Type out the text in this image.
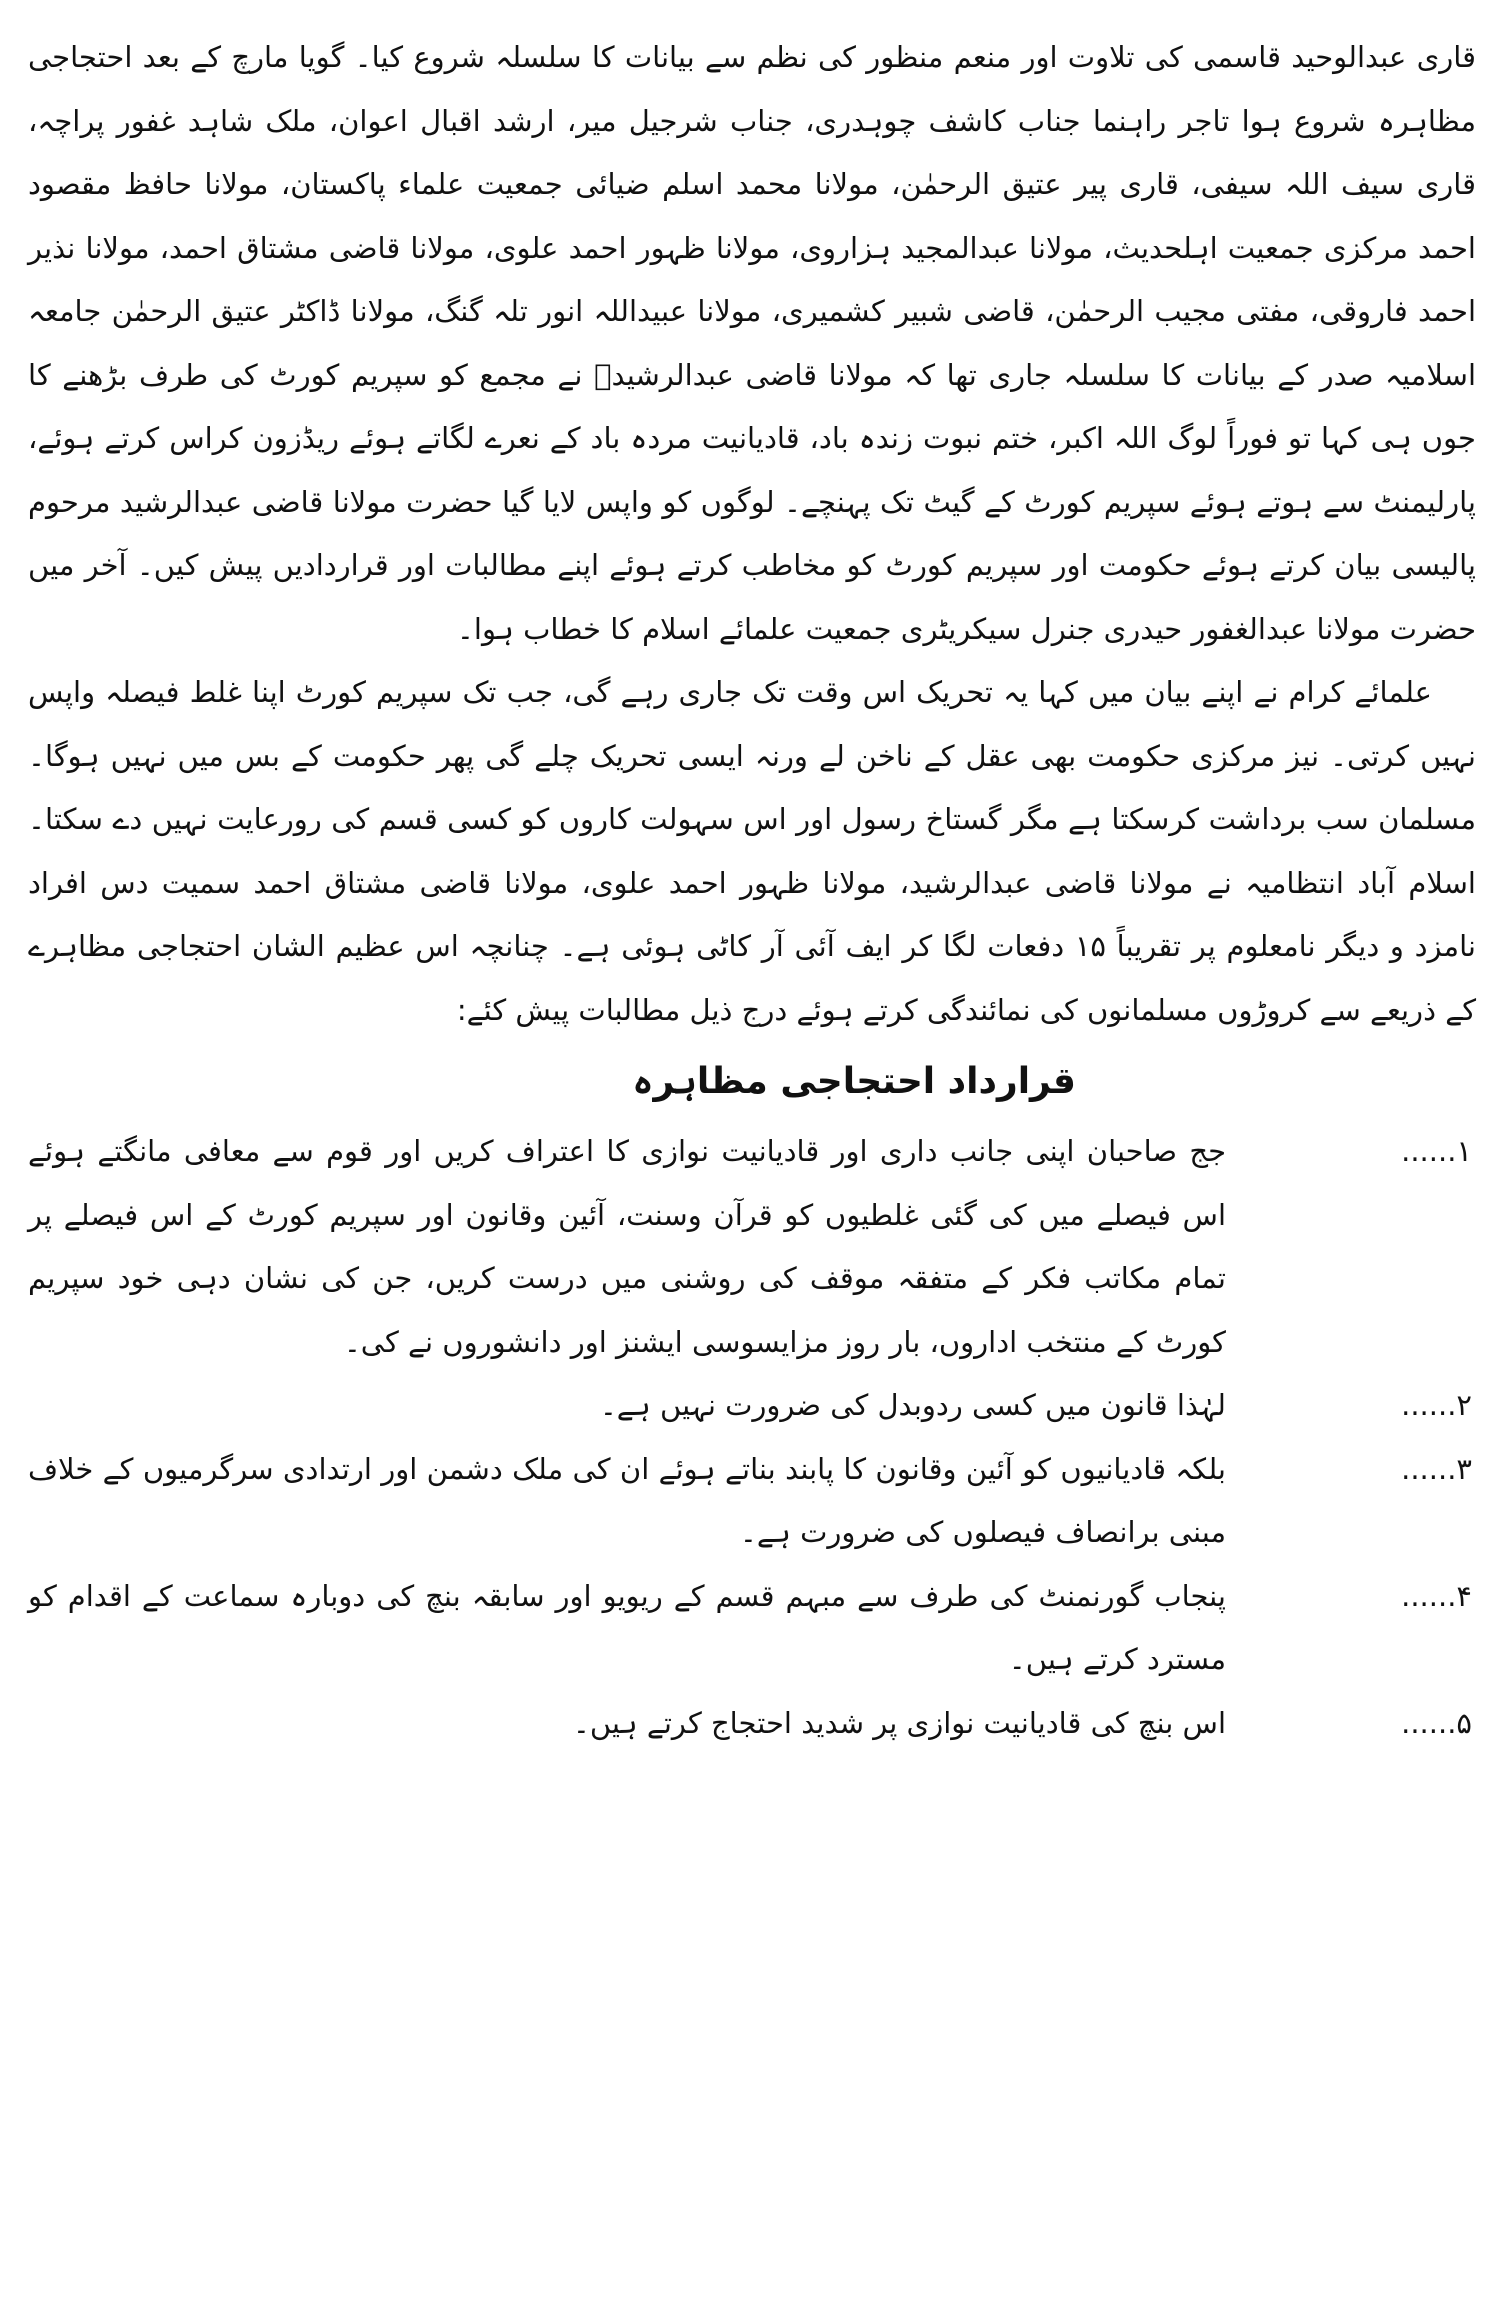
قاری عبدالوحید قاسمی کی تلاوت اور منعم منظور کی نظم سے بیانات کا سلسلہ شروع کیا۔ گویا مارچ کے بعد احتجاجی مظاہرہ شروع ہوا تاجر راہنما جناب کاشف چوہدری، جناب شرجیل میر، ارشد اقبال اعوان، ملک شاہد غفور پراچہ، قاری سیف اللہ سیفی، قاری پیر عتیق الرحمٰن، مولانا محمد اسلم ضیائی جمعیت علماء پاکستان، مولانا حافظ مقصود احمد مرکزی جمعیت اہلحدیث، مولانا عبدالمجید ہزاروی، مولانا ظہور احمد علوی، مولانا قاضی مشتاق احمد، مولانا نذیر احمد فاروقی، مفتی مجیب الرحمٰن، قاضی شبیر کشمیری، مولانا عبیداللہ انور تلہ گنگ، مولانا ڈاکٹر عتیق الرحمٰن جامعہ اسلامیہ صدر کے بیانات کا سلسلہ جاری تھا کہ مولانا قاضی عبدالرشیدؒ نے مجمع کو سپریم کورٹ کی طرف بڑھنے کا جوں ہی کہا تو فوراً لوگ اللہ اکبر، ختم نبوت زندہ باد، قادیانیت مردہ باد کے نعرے لگاتے ہوئے ریڈزون کراس کرتے ہوئے، پارلیمنٹ سے ہوتے ہوئے سپریم کورٹ کے گیٹ تک پہنچے۔ لوگوں کو واپس لایا گیا حضرت مولانا قاضی عبدالرشید مرحوم پالیسی بیان کرتے ہوئے حکومت اور سپریم کورٹ کو مخاطب کرتے ہوئے اپنے مطالبات اور قراردادیں پیش کیں۔ آخر میں حضرت مولانا عبدالغفور حیدری جنرل سیکریٹری جمعیت علمائے اسلام کا خطاب ہوا۔

علمائے کرام نے اپنے بیان میں کہا یہ تحریک اس وقت تک جاری رہے گی، جب تک سپریم کورٹ اپنا غلط فیصلہ واپس نہیں کرتی۔ نیز مرکزی حکومت بھی عقل کے ناخن لے ورنہ ایسی تحریک چلے گی پھر حکومت کے بس میں نہیں ہوگا۔ مسلمان سب برداشت کرسکتا ہے مگر گستاخ رسول اور اس سہولت کاروں کو کسی قسم کی رورعایت نہیں دے سکتا۔ اسلام آباد انتظامیہ نے مولانا قاضی عبدالرشید، مولانا ظہور احمد علوی، مولانا قاضی مشتاق احمد سمیت دس افراد نامزد و دیگر نامعلوم پر تقریباً ۱۵ دفعات لگا کر ایف آئی آر کاٹی ہوئی ہے۔ چنانچہ اس عظیم الشان احتجاجی مظاہرے کے ذریعے سے کروڑوں مسلمانوں کی نمائندگی کرتے ہوئے درج ذیل مطالبات پیش کئے:

قرارداد احتجاجی مظاہرہ
۱......

جج صاحبان اپنی جانب داری اور قادیانیت نوازی کا اعتراف کریں اور قوم سے معافی مانگتے ہوئے اس فیصلے میں کی گئی غلطیوں کو قرآن وسنت، آئین وقانون اور سپریم کورٹ کے اس فیصلے پر تمام مکاتب فکر کے متفقہ موقف کی روشنی میں درست کریں، جن کی نشان دہی خود سپریم کورٹ کے منتخب اداروں، بار روز مزایسوسی ایشنز اور دانشوروں نے کی۔

۲......

لہٰذا قانون میں کسی ردوبدل کی ضرورت نہیں ہے۔

۳......

بلکہ قادیانیوں کو آئین وقانون کا پابند بناتے ہوئے ان کی ملک دشمن اور ارتدادی سرگرمیوں کے خلاف مبنی برانصاف فیصلوں کی ضرورت ہے۔

۴......

پنجاب گورنمنٹ کی طرف سے مبہم قسم کے ریویو اور سابقہ بنچ کی دوبارہ سماعت کے اقدام کو مسترد کرتے ہیں۔

۵......

اس بنچ کی قادیانیت نوازی پر شدید احتجاج کرتے ہیں۔
